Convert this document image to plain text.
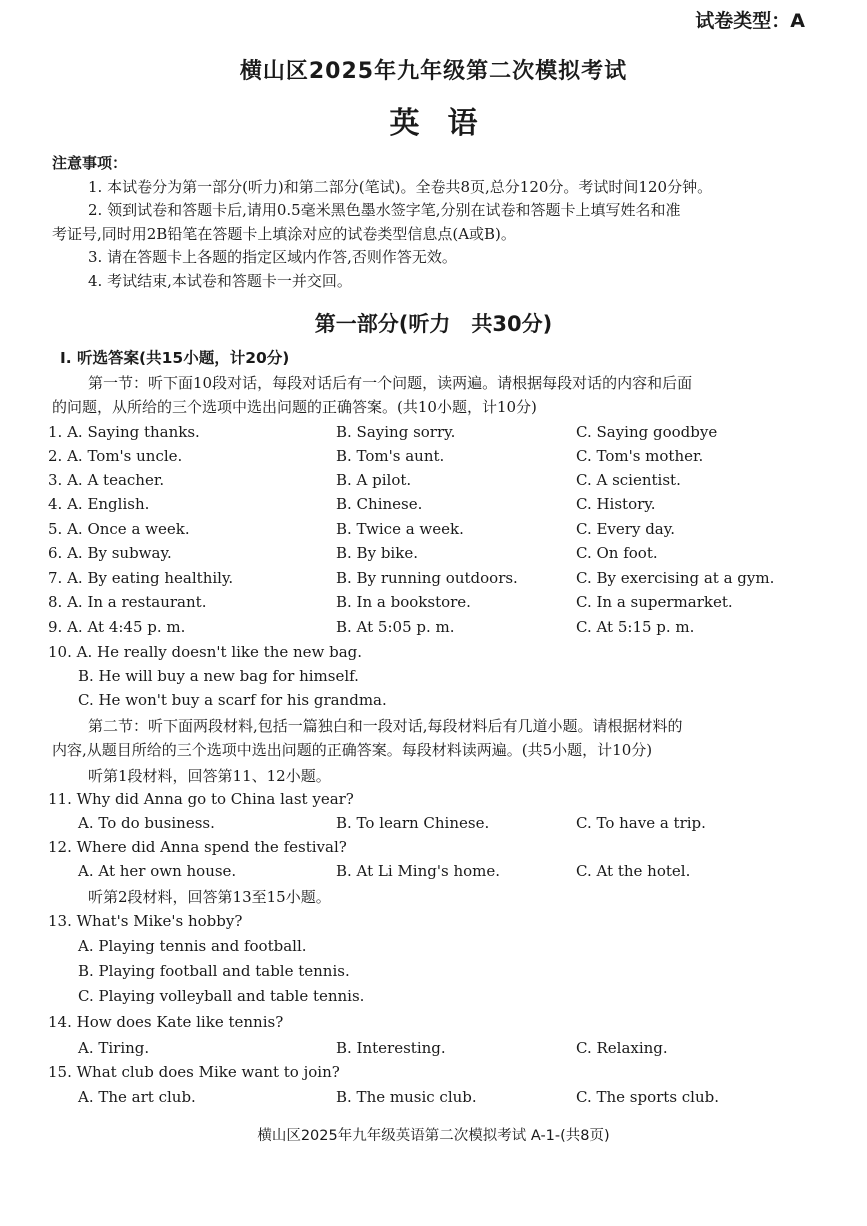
试卷类型：A
横山区2025年九年级第二次模拟考试
英语
注意事项：
1. 本试卷分为第一部分(听力)和第二部分(笔试)。全卷共8页,总分120分。考试时间120分钟。
2. 领到试卷和答题卡后,请用0.5毫米黑色墨水签字笔,分别在试卷和答题卡上填写姓名和准
考证号,同时用2B铅笔在答题卡上填涂对应的试卷类型信息点(A或B)。
3. 请在答题卡上各题的指定区域内作答,否则作答无效。
4. 考试结束,本试卷和答题卡一并交回。
第一部分(听力　共30分)
Ⅰ. 听选答案(共15小题，计20分)
第一节：听下面10段对话，每段对话后有一个问题，读两遍。请根据每段对话的内容和后面
的问题，从所给的三个选项中选出问题的正确答案。(共10小题，计10分)
1. A. Saying thanks.	B. Saying sorry.	C. Saying goodbye
2. A. Tom's uncle.	B. Tom's aunt.	C. Tom's mother.
3. A. A teacher.	B. A pilot.	C. A scientist.
4. A. English.	B. Chinese.	C. History.
5. A. Once a week.	B. Twice a week.	C. Every day.
6. A. By subway.	B. By bike.	C. On foot.
7. A. By eating healthily.	B. By running outdoors.	C. By exercising at a gym.
8. A. In a restaurant.	B. In a bookstore.	C. In a supermarket.
9. A. At 4:45 p. m.	B. At 5:05 p. m.	C. At 5:15 p. m.
10. A. He really doesn't like the new bag.
B. He will buy a new bag for himself.
C. He won't buy a scarf for his grandma.
第二节：听下面两段材料,包括一篇独白和一段对话,每段材料后有几道小题。请根据材料的
内容,从题目所给的三个选项中选出问题的正确答案。每段材料读两遍。(共5小题，计10分)
听第1段材料，回答第11、12小题。
11. Why did Anna go to China last year?
A. To do business.	B. To learn Chinese.	C. To have a trip.
12. Where did Anna spend the festival?
A. At her own house.	B. At Li Ming's home.	C. At the hotel.
听第2段材料，回答第13至15小题。
13. What's Mike's hobby?
A. Playing tennis and football.
B. Playing football and table tennis.
C. Playing volleyball and table tennis.
14. How does Kate like tennis?
A. Tiring.	B. Interesting.	C. Relaxing.
15. What club does Mike want to join?
A. The art club.	B. The music club.	C. The sports club.
横山区2025年九年级英语第二次模拟考试 A-1-(共8页)
